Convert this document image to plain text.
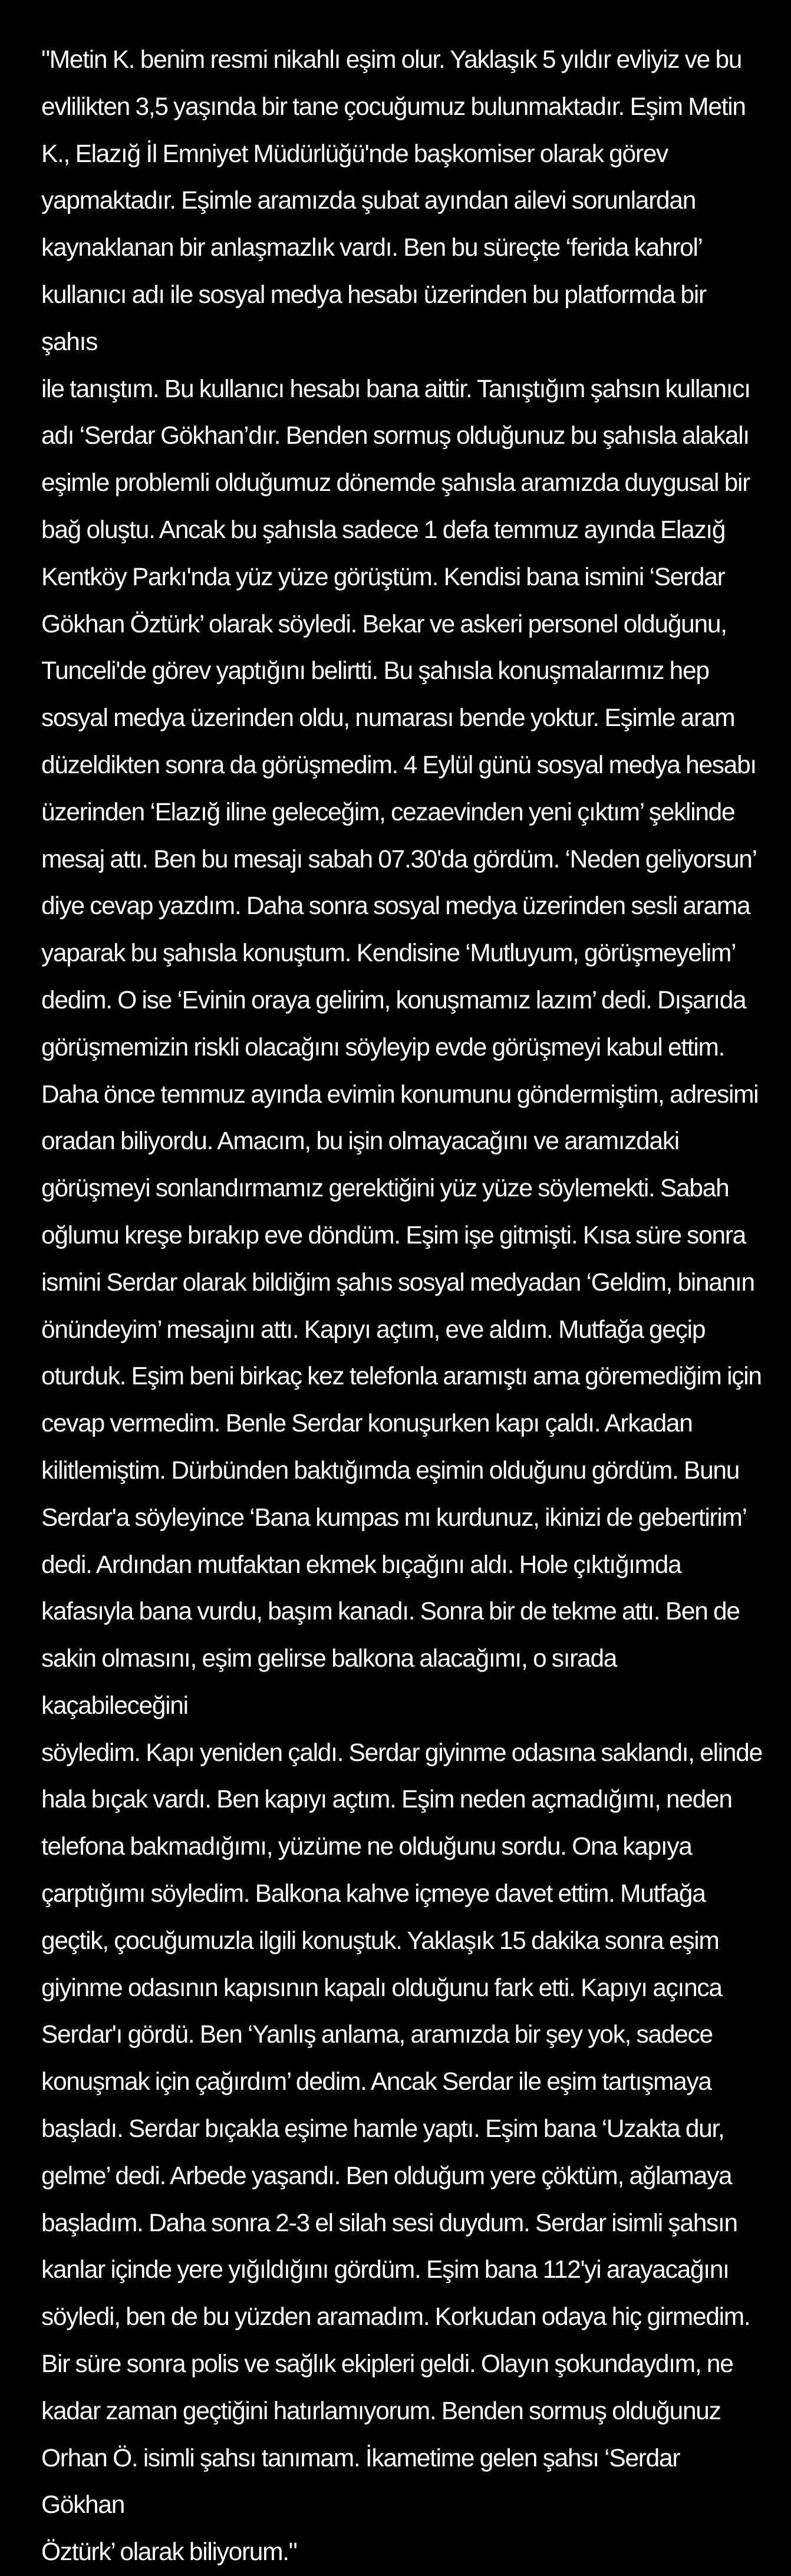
"Metin K. benim resmi nikahlı eşim olur. Yaklaşık 5 yıldır evliyiz ve bu
evlilikten 3,5 yaşında bir tane çocuğumuz bulunmaktadır. Eşim Metin
K., Elazığ İl Emniyet Müdürlüğü'nde başkomiser olarak görev
yapmaktadır. Eşimle aramızda şubat ayından ailevi sorunlardan
kaynaklanan bir anlaşmazlık vardı. Ben bu süreçte ‘ferida kahrol’
kullanıcı adı ile sosyal medya hesabı üzerinden bu platformda bir şahıs
ile tanıştım. Bu kullanıcı hesabı bana aittir. Tanıştığım şahsın kullanıcı
adı ‘Serdar Gökhan’dır. Benden sormuş olduğunuz bu şahısla alakalı
eşimle problemli olduğumuz dönemde şahısla aramızda duygusal bir
bağ oluştu. Ancak bu şahısla sadece 1 defa temmuz ayında Elazığ
Kentköy Parkı'nda yüz yüze görüştüm. Kendisi bana ismini ‘Serdar
Gökhan Öztürk’ olarak söyledi. Bekar ve askeri personel olduğunu,
Tunceli'de görev yaptığını belirtti. Bu şahısla konuşmalarımız hep
sosyal medya üzerinden oldu, numarası bende yoktur. Eşimle aram
düzeldikten sonra da görüşmedim. 4 Eylül günü sosyal medya hesabı
üzerinden ‘Elazığ iline geleceğim, cezaevinden yeni çıktım’ şeklinde
mesaj attı. Ben bu mesajı sabah 07.30'da gördüm. ‘Neden geliyorsun’
diye cevap yazdım. Daha sonra sosyal medya üzerinden sesli arama
yaparak bu şahısla konuştum. Kendisine ‘Mutluyum, görüşmeyelim’
dedim. O ise ‘Evinin oraya gelirim, konuşmamız lazım’ dedi. Dışarıda
görüşmemizin riskli olacağını söyleyip evde görüşmeyi kabul ettim.
Daha önce temmuz ayında evimin konumunu göndermiştim, adresimi
oradan biliyordu. Amacım, bu işin olmayacağını ve aramızdaki
görüşmeyi sonlandırmamız gerektiğini yüz yüze söylemekti. Sabah
oğlumu kreşe bırakıp eve döndüm. Eşim işe gitmişti. Kısa süre sonra
ismini Serdar olarak bildiğim şahıs sosyal medyadan ‘Geldim, binanın
önündeyim’ mesajını attı. Kapıyı açtım, eve aldım. Mutfağa geçip
oturduk. Eşim beni birkaç kez telefonla aramıştı ama göremediğim için
cevap vermedim. Benle Serdar konuşurken kapı çaldı. Arkadan
kilitlemiştim. Dürbünden baktığımda eşimin olduğunu gördüm. Bunu
Serdar'a söyleyince ‘Bana kumpas mı kurdunuz, ikinizi de gebertirim’
dedi. Ardından mutfaktan ekmek bıçağını aldı. Hole çıktığımda
kafasıyla bana vurdu, başım kanadı. Sonra bir de tekme attı. Ben de
sakin olmasını, eşim gelirse balkona alacağımı, o sırada kaçabileceğini
söyledim. Kapı yeniden çaldı. Serdar giyinme odasına saklandı, elinde
hala bıçak vardı. Ben kapıyı açtım. Eşim neden açmadığımı, neden
telefona bakmadığımı, yüzüme ne olduğunu sordu. Ona kapıya
çarptığımı söyledim. Balkona kahve içmeye davet ettim. Mutfağa
geçtik, çocuğumuzla ilgili konuştuk. Yaklaşık 15 dakika sonra eşim
giyinme odasının kapısının kapalı olduğunu fark etti. Kapıyı açınca
Serdar'ı gördü. Ben ‘Yanlış anlama, aramızda bir şey yok, sadece
konuşmak için çağırdım’ dedim. Ancak Serdar ile eşim tartışmaya
başladı. Serdar bıçakla eşime hamle yaptı. Eşim bana ‘Uzakta dur,
gelme’ dedi. Arbede yaşandı. Ben olduğum yere çöktüm, ağlamaya
başladım. Daha sonra 2-3 el silah sesi duydum. Serdar isimli şahsın
kanlar içinde yere yığıldığını gördüm. Eşim bana 112'yi arayacağını
söyledi, ben de bu yüzden aramadım. Korkudan odaya hiç girmedim.
Bir süre sonra polis ve sağlık ekipleri geldi. Olayın şokundaydım, ne
kadar zaman geçtiğini hatırlamıyorum. Benden sormuş olduğunuz
Orhan Ö. isimli şahsı tanımam. İkametime gelen şahsı ‘Serdar Gökhan
Öztürk’ olarak biliyorum."
